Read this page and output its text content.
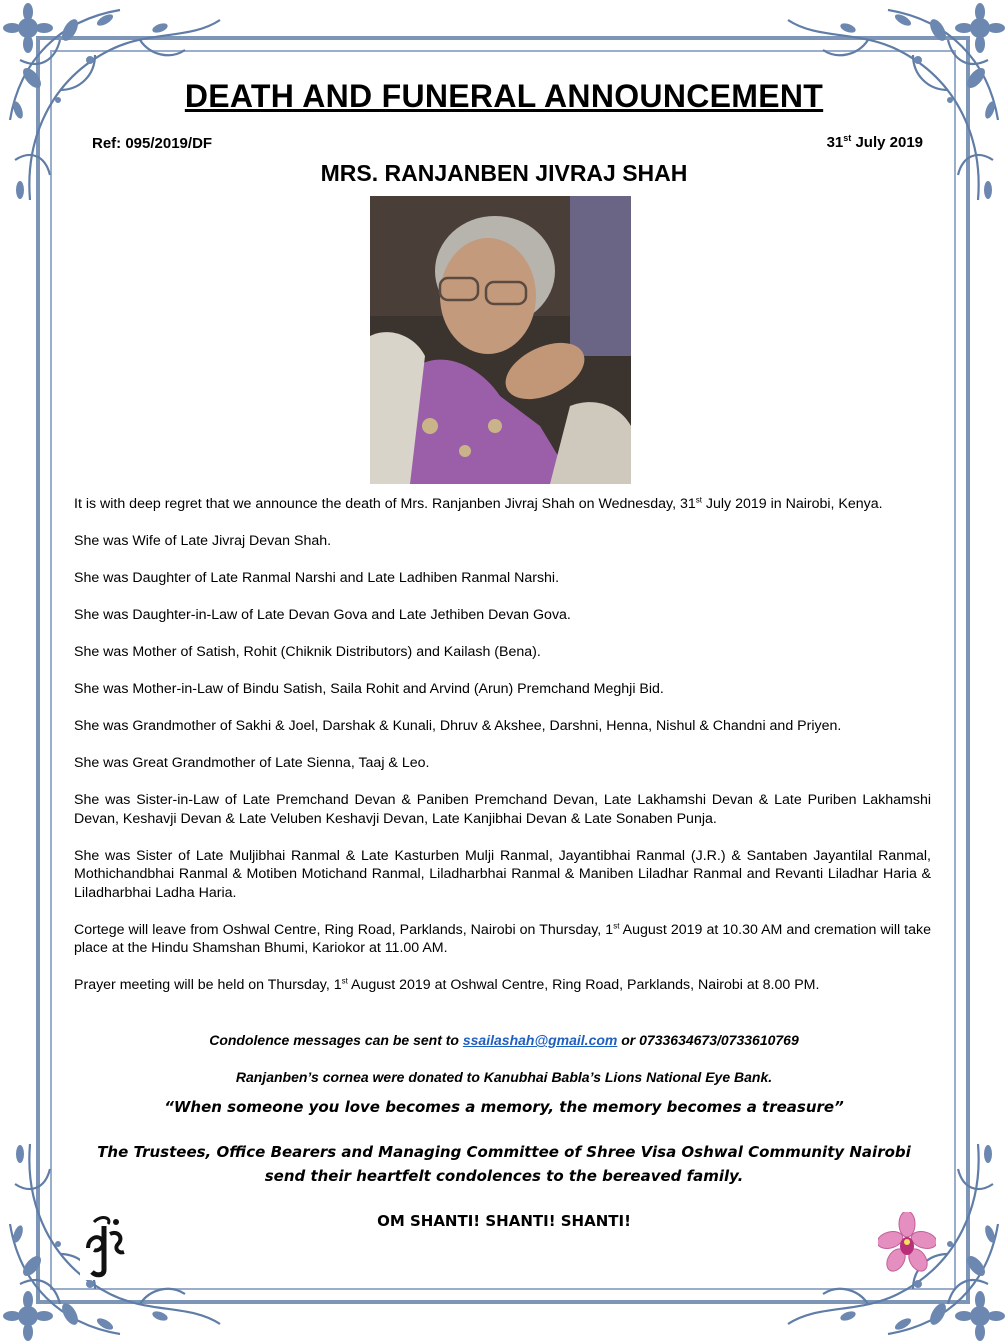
DEATH AND FUNERAL ANNOUNCEMENT
Ref: 095/2019/DF	31st July 2019
MRS. RANJANBEN JIVRAJ SHAH

It is with deep regret that we announce the death of Mrs. Ranjanben Jivraj Shah on Wednesday, 31st July 2019 in Nairobi, Kenya.

She was Wife of Late Jivraj Devan Shah.

She was Daughter of Late Ranmal Narshi and Late Ladhiben Ranmal Narshi.

She was Daughter-in-Law of Late Devan Gova and Late Jethiben Devan Gova.

She was Mother of Satish, Rohit (Chiknik Distributors) and Kailash (Bena).

She was Mother-in-Law of Bindu Satish, Saila Rohit and Arvind (Arun) Premchand Meghji Bid.

She was Grandmother of Sakhi & Joel, Darshak & Kunali, Dhruv & Akshee, Darshni, Henna, Nishul & Chandni and Priyen.

She was Great Grandmother of Late Sienna, Taaj & Leo.

She was Sister-in-Law of Late Premchand Devan & Paniben Premchand Devan, Late Lakhamshi Devan & Late Puriben Lakhamshi Devan, Keshavji Devan & Late Veluben Keshavji Devan, Late Kanjibhai Devan & Late Sonaben Punja.

She was Sister of Late Muljibhai Ranmal & Late Kasturben Mulji Ranmal, Jayantibhai Ranmal (J.R.) & Santaben Jayantilal Ranmal, Mothichandbhai Ranmal & Motiben Motichand Ranmal, Liladharbhai Ranmal & Maniben Liladhar Ranmal and Revanti Liladhar Haria & Liladharbhai Ladha Haria.

Cortege will leave from Oshwal Centre, Ring Road, Parklands, Nairobi on Thursday, 1st August 2019 at 10.30 AM and cremation will take place at the Hindu Shamshan Bhumi, Kariokor at 11.00 AM.

Prayer meeting will be held on Thursday, 1st August 2019 at Oshwal Centre, Ring Road, Parklands, Nairobi at 8.00 PM.

Condolence messages can be sent to ssailashah@gmail.com or 0733634673/0733610769
Ranjanben’s cornea were donated to Kanubhai Babla’s Lions National Eye Bank.
“When someone you love becomes a memory, the memory becomes a treasure”
The Trustees, Office Bearers and Managing Committee of Shree Visa Oshwal Community Nairobi
send their heartfelt condolences to the bereaved family.
OM SHANTI! SHANTI! SHANTI!
